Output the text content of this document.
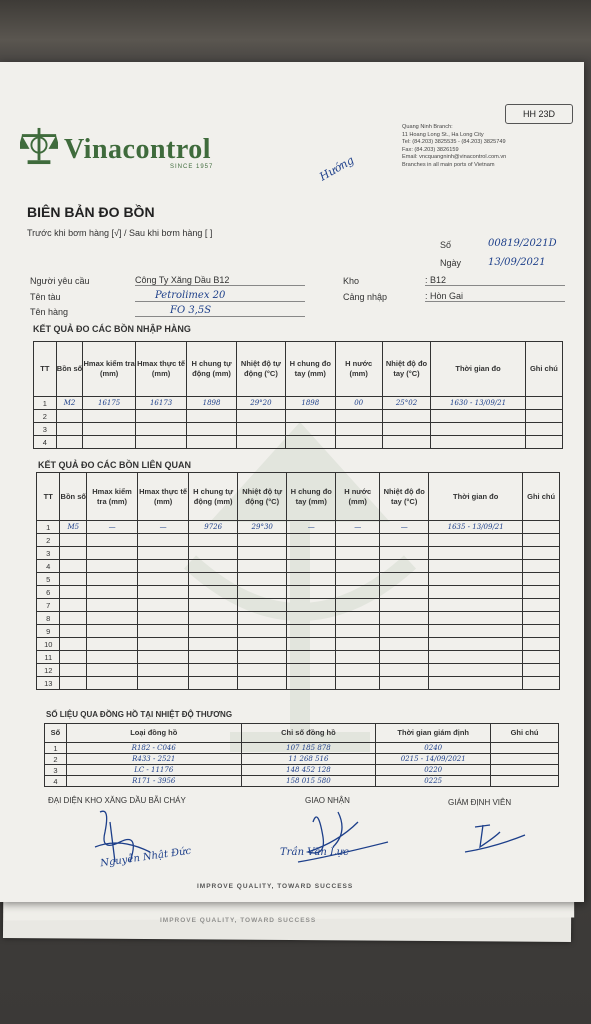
IMPROVE QUALITY, TOWARD SUCCESS
Vinacontrol
SINCE 1957
HH 23D
Quang Ninh Branch:
11 Hoang Long St., Ha Long City
Tel: (84.203) 3825535 - (84.203) 3825749
Fax: (84.203) 3826159
Email: vncquangninh@vinacontrol.com.vn
Branches in all main ports of Vietnam
Hướng
BIÊN BẢN ĐO BỒN
Trước khi bơm hàng [√] / Sau khi bơm hàng [ ]
Số	00819/2021D
Ngày	13/09/2021
Người yêu cầu	Công Ty Xăng Dầu B12	Kho	: B12
Tên tàu	Petrolimex 20	Cảng nhập	: Hòn Gai
Tên hàng	FO 3,5S
KẾT QUẢ ĐO CÁC BỒN NHẬP HÀNG
TT	Bồn số	Hmax kiểm tra (mm)	Hmax thực tế (mm)	H chung tự động (mm)	Nhiệt độ tự động (°C)	H chung đo tay (mm)	H nước (mm)	Nhiệt độ đo tay (°C)	Thời gian đo	Ghi chú
1	M2	16175	16173	1898	29°20	1898	00	25°02	1630 - 13/09/21	
2										
3										
4										
KẾT QUẢ ĐO CÁC BỒN LIÊN QUAN
TT	Bồn số	Hmax kiểm tra (mm)	Hmax thực tế (mm)	H chung tự động (mm)	Nhiệt độ tự động (°C)	H chung đo tay (mm)	H nước (mm)	Nhiệt độ đo tay (°C)	Thời gian đo	Ghi chú
1	M5	—	—	9726	29°30	—	—	—	1635 - 13/09/21	
2										
3										
4										
5										
6										
7										
8										
9										
10										
11										
12										
13										
SỐ LIỆU QUA ĐỒNG HỒ TẠI NHIỆT ĐỘ THƯƠNG
Số	Loại đồng hồ	Chỉ số đồng hồ	Thời gian giám định	Ghi chú
1	R182 - C046	107 185 878	0240	
2	R433 - 2521	11 268 516	0215 - 14/09/2021	
3	LC - 11176	148 452 128	0220	
4	R171 - 3956	158 015 580	0225	
ĐẠI DIỆN KHO XĂNG DẦU BÃI CHÁY	GIAO NHẬN	GIÁM ĐỊNH VIÊN
Nguyễn Nhật Đức	Trần Văn Lực
IMPROVE QUALITY, TOWARD SUCCESS
